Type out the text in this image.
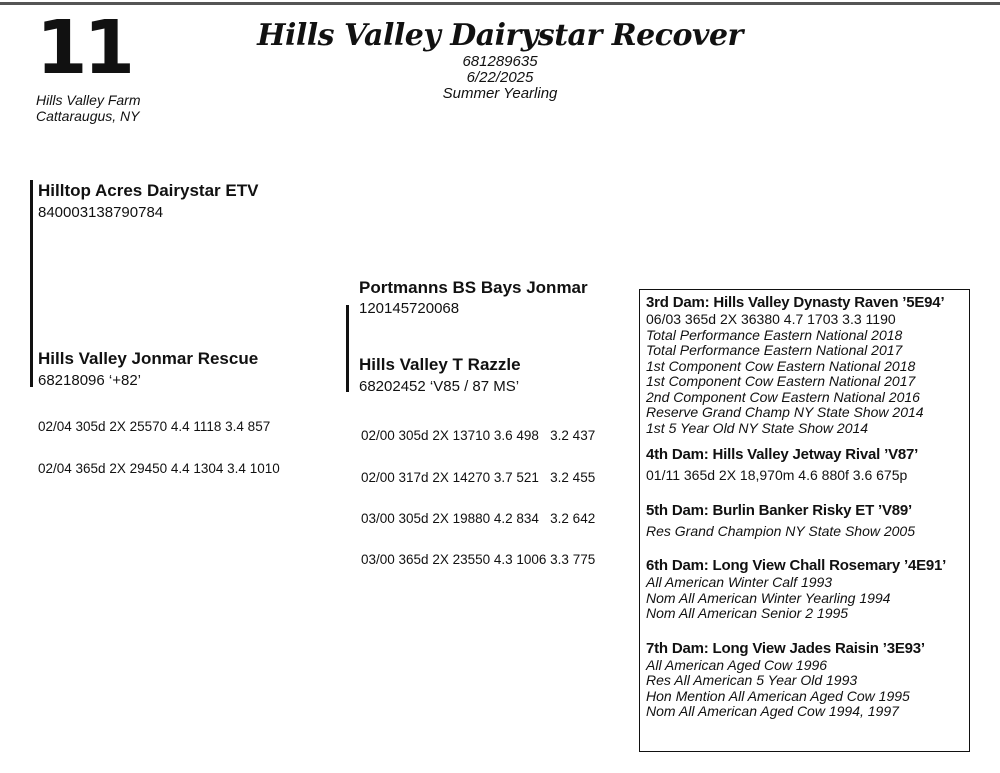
11
Hills Valley Farm
Cattaraugus, NY
Hills Valley Dairystar Recover
681289635
6/22/2025
Summer Yearling
Hilltop Acres Dairystar ETV
840003138790784
Hills Valley Jonmar Rescue
68218096 ‘+82’

02/04 305d 2X 25570 4.4 1118 3.4 857

02/04 365d 2X 29450 4.4 1304 3.4 1010

Portmanns BS Bays Jonmar
120145720068
Hills Valley T Razzle
68202452 ‘V85 / 87 MS’

02/00 305d 2X 13710 3.6 498   3.2 437

02/00 317d 2X 14270 3.7 521   3.2 455

03/00 305d 2X 19880 4.2 834   3.2 642

03/00 365d 2X 23550 4.3 1006 3.3 775

3rd Dam: Hills Valley Dynasty Raven ’5E94’
06/03 365d 2X 36380 4.7 1703 3.3 1190
Total Performance Eastern National 2018
Total Performance Eastern National 2017
1st Component Cow Eastern National 2018
1st Component Cow Eastern National 2017
2nd Component Cow Eastern National 2016
Reserve Grand Champ NY State Show 2014
1st 5 Year Old NY State Show 2014
4th Dam: Hills Valley Jetway Rival ’V87’
01/11 365d 2X 18,970m 4.6 880f 3.6 675p
5th Dam: Burlin Banker Risky ET ’V89’
Res Grand Champion NY State Show 2005
6th Dam: Long View Chall Rosemary ’4E91’
All American Winter Calf 1993
Nom All American Winter Yearling 1994
Nom All American Senior 2 1995
7th Dam: Long View Jades Raisin ’3E93’
All American Aged Cow 1996
Res All American 5 Year Old 1993
Hon Mention All American Aged Cow 1995
Nom All American Aged Cow 1994, 1997
